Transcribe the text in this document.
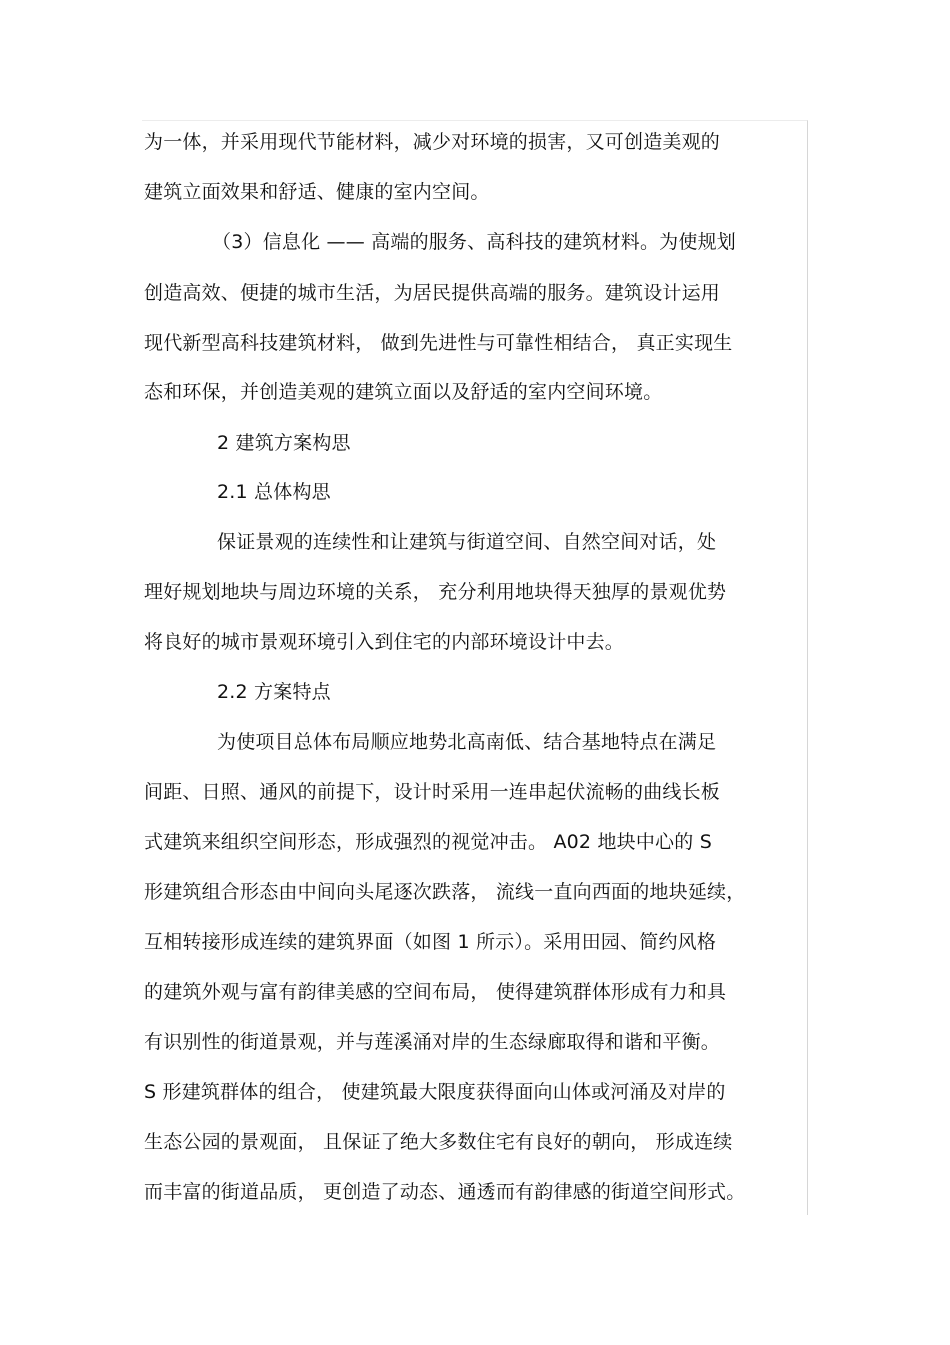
为一体，并采用现代节能材料，减少对环境的损害，又可创造美观的
建筑立面效果和舒适、健康的室内空间。
（3）信息化 —— 高端的服务、高科技的建筑材料。为使规划
创造高效、便捷的城市生活，为居民提供高端的服务。建筑设计运用
现代新型高科技建筑材料， 做到先进性与可靠性相结合， 真正实现生
态和环保，并创造美观的建筑立面以及舒适的室内空间环境。
2 建筑方案构思
2.1 总体构思
保证景观的连续性和让建筑与街道空间、自然空间对话，处
理好规划地块与周边环境的关系， 充分利用地块得天独厚的景观优势
将良好的城市景观环境引入到住宅的内部环境设计中去。
2.2 方案特点
为使项目总体布局顺应地势北高南低、结合基地特点在满足
间距、日照、通风的前提下，设计时采用一连串起伏流畅的曲线长板
式建筑来组织空间形态，形成强烈的视觉冲击。 A02 地块中心的 S
形建筑组合形态由中间向头尾逐次跌落， 流线一直向西面的地块延续，
互相转接形成连续的建筑界面（如图 1 所示）。采用田园、简约风格
的建筑外观与富有韵律美感的空间布局， 使得建筑群体形成有力和具
有识别性的街道景观，并与莲溪涌对岸的生态绿廊取得和谐和平衡。
S 形建筑群体的组合， 使建筑最大限度获得面向山体或河涌及对岸的
生态公园的景观面， 且保证了绝大多数住宅有良好的朝向， 形成连续
而丰富的街道品质， 更创造了动态、通透而有韵律感的街道空间形式。
